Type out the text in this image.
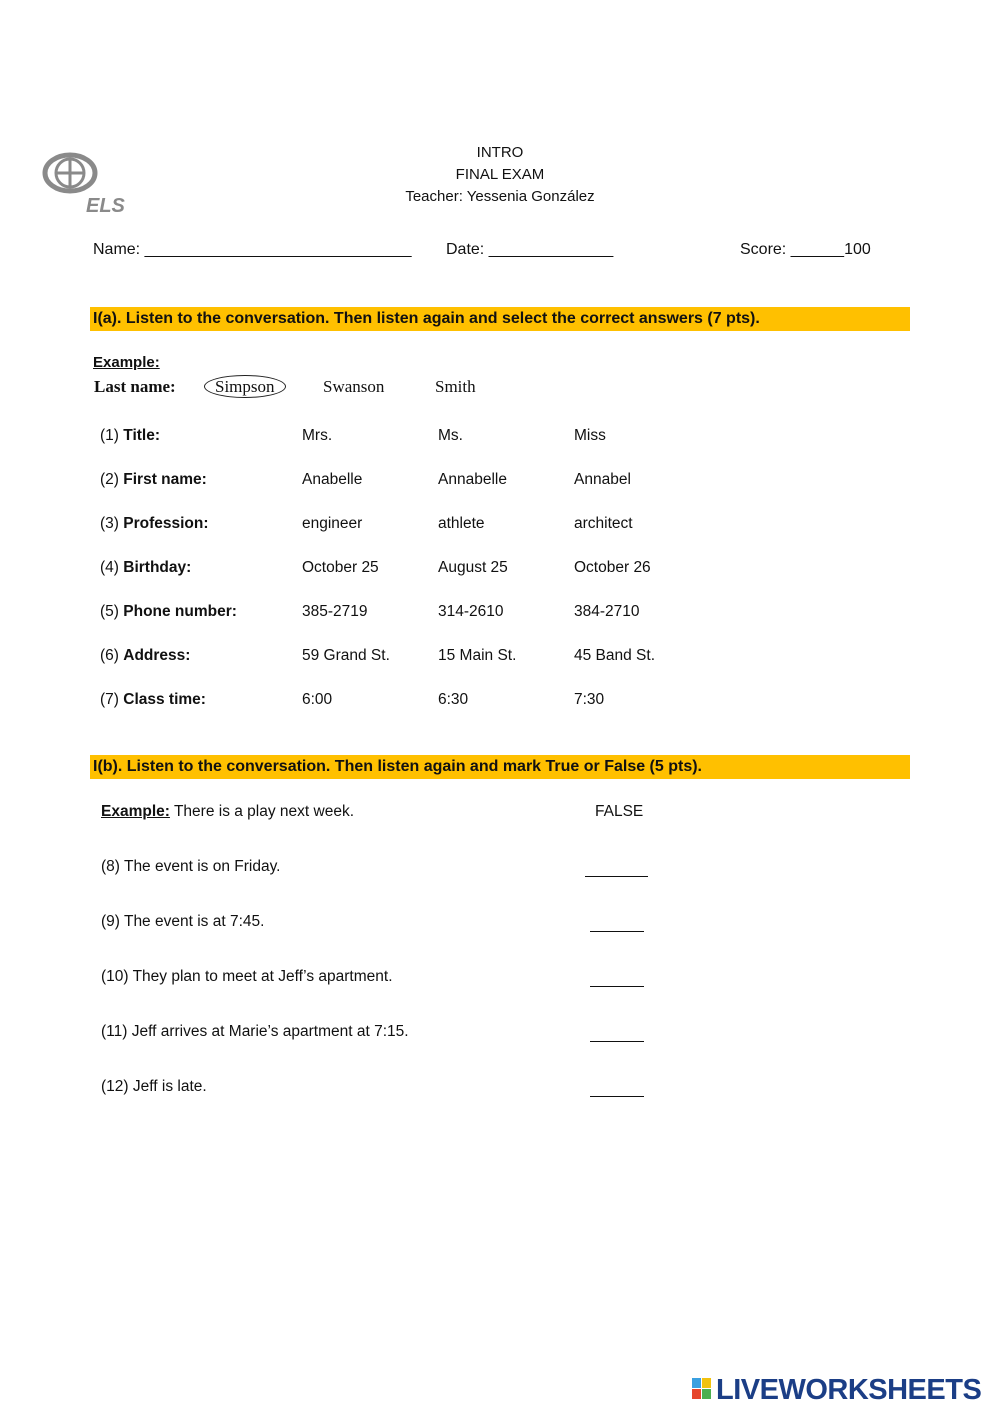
ELS
INTRO
FINAL EXAM
Teacher: Yessenia González
Name: ______________________________ Date: ______________	Score: ______100
I(a). Listen to the conversation. Then listen again and select the correct answers (7 pts).
Example:
Last name: Simpson	Swanson	Smith
(1) Title:	Mrs.	Ms.	Miss
(2) First name:	Anabelle	Annabelle	Annabel
(3) Profession:	engineer	athlete	architect
(4) Birthday:	October 25	August 25	October 26
(5) Phone number:	385-2719	314-2610	384-2710
(6) Address:	59 Grand St.	15 Main St.	45 Band St.
(7) Class time:	6:00	6:30	7:30
I(b). Listen to the conversation. Then listen again and mark True or False (5 pts).
Example: There is a play next week.	FALSE
(8) The event is on Friday.
(9) The event is at 7:45.
(10) They plan to meet at Jeff’s apartment.
(11) Jeff arrives at Marie’s apartment at 7:15.
(12) Jeff is late.
LIVEWORKSHEETS
